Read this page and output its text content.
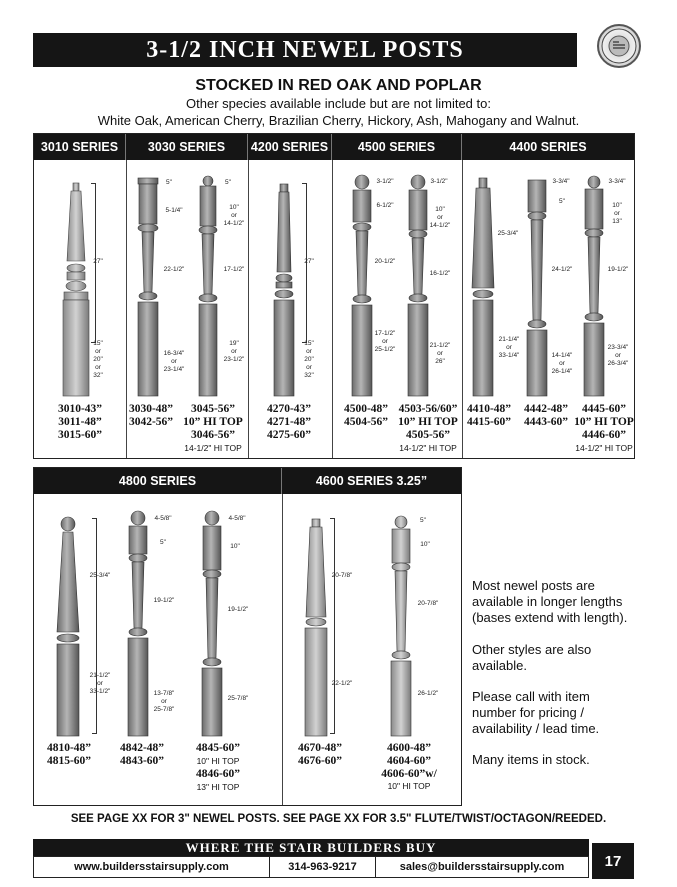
3-1/2 INCH NEWEL POSTS
STOCKED IN RED OAK AND POPLAR
Other species available include but are not limited to:
White Oak, American Cherry, Brazilian Cherry, Hickory, Ash, Mahogany and Walnut.
3010 SERIES	3030 SERIES	4200 SERIES	4500 SERIES	4400 SERIES
4800 SERIES	4600 SERIES 3.25”
27"
15"
or
20"
or
32"
5"
5-1/4"
22-1/2"
16-3/4"
or
23-1/4"
5"
10"
or
14-1/2"
17-1/2"
19"
or
23-1/2"
27"
15"
or
20"
or
32"
3-1/2"
6-1/2"
20-1/2"
17-1/2"
or
25-1/2"
3-1/2"
10"
or
14-1/2"
16-1/2"
21-1/2"
or
26"
25-3/4"
21-1/4"
or
33-1/4"
3-3/4"
5"
24-1/2"
14-1/4"
or
26-1/4"
3-3/4"
10"
or
13"
19-1/2"
23-3/4"
or
26-3/4"
25-3/4"
21-1/2"
or
33-1/2"
4-5/8"
5"
19-1/2"
13-7/8"
or
25-7/8"
4-5/8"
10"
19-1/2"
25-7/8"
20-7/8"
22-1/2"
5"
10"
20-7/8"
26-1/2"
3010-43”
3011-48”
3015-60”
3030-48”
3042-56”
3045-56”
10” HI TOP
3046-56”
14-1/2" HI TOP
4270-43”
4271-48”
4275-60”
4500-48”
4504-56”
4503-56/60”
10” HI TOP
4505-56”
14-1/2" HI TOP
4410-48”
4415-60”
4442-48”
4443-60”
4445-60”
10” HI TOP
4446-60”
14-1/2" HI TOP
4810-48”
4815-60”
4842-48”
4843-60”
4845-60”
10" HI TOP
4846-60”
13" HI TOP
4670-48”
4676-60”
4600-48”
4604-60”
4606-60”w/
10" HI TOP
Most newel posts are
available in longer lengths
(bases extend with length).
Other styles are also
available.
Please call with item
number for pricing /
availability / lead time.
Many items in stock.
SEE PAGE XX FOR 3" NEWEL POSTS. SEE PAGE XX FOR 3.5" FLUTE/TWIST/OCTAGON/REEDED.
WHERE THE STAIR BUILDERS BUY
www.buildersstairsupply.com	314-963-9217	sales@buildersstairsupply.com	17
